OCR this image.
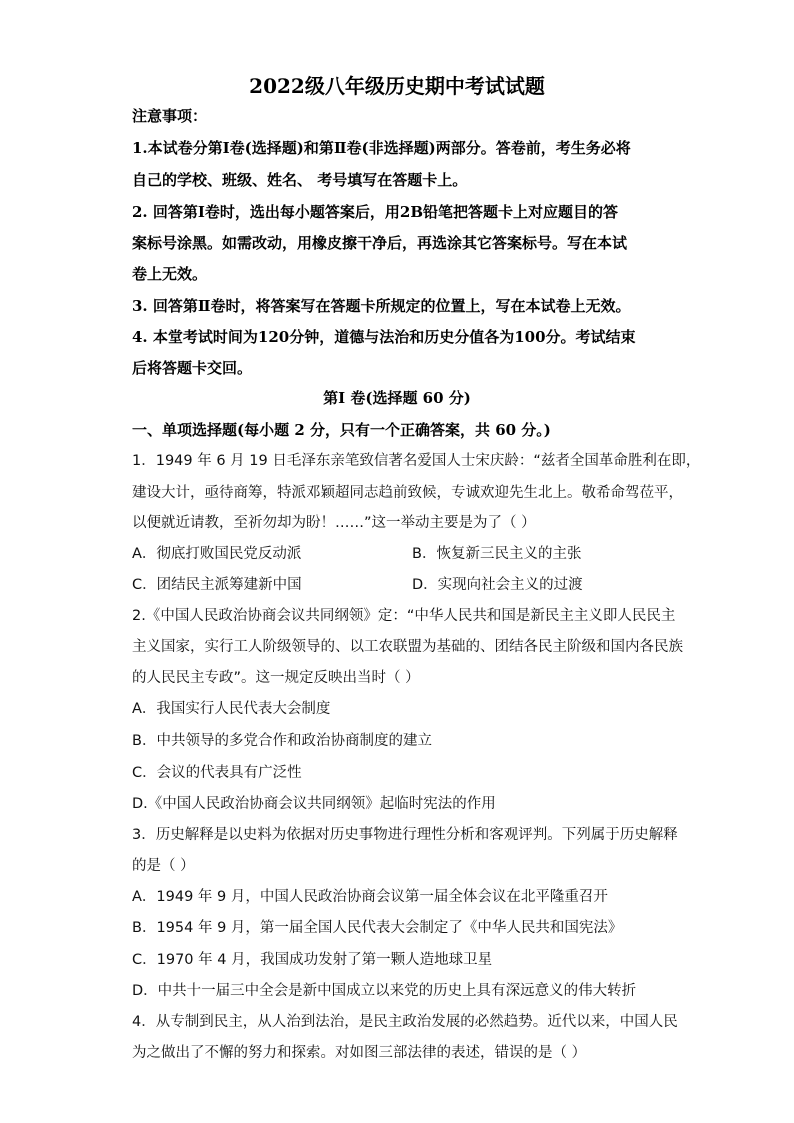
2022级八年级历史期中考试试题
注意事项：
1.本试卷分第Ⅰ卷(选择题)和第Ⅱ卷(非选择题)两部分。答卷前，考生务必将
自己的学校、班级、姓名、 考号填写在答题卡上。
2. 回答第Ⅰ卷时，选出每小题答案后，用2B铅笔把答题卡上对应题目的答
案标号涂黑。如需改动，用橡皮擦干净后，再选涂其它答案标号。写在本试
卷上无效。
3. 回答第Ⅱ卷时，将答案写在答题卡所规定的位置上，写在本试卷上无效。
4. 本堂考试时间为120分钟，道德与法治和历史分值各为100分。考试结束
后将答题卡交回。
第Ⅰ 卷(选择题 60 分)
一、单项选择题(每小题 2 分，只有一个正确答案，共 60 分。)
1．1949 年 6 月 19 日毛泽东亲笔致信著名爱国人士宋庆龄：“兹者全国革命胜利在即，
建设大计，亟待商筹，特派邓颖超同志趋前致候，专诚欢迎先生北上。敬希命驾莅平，
以便就近请教，至祈勿却为盼！……”这一举动主要是为了（ ）
A．彻底打败国民党反动派	B．恢复新三民主义的主张
C．团结民主派筹建新中国	D．实现向社会主义的过渡
2.《中国人民政治协商会议共同纲领》定：“中华人民共和国是新民主主义即人民民主
主义国家，实行工人阶级领导的、以工农联盟为基础的、团结各民主阶级和国内各民族
的人民民主专政”。这一规定反映出当时（ ）
A．我国实行人民代表大会制度
B．中共领导的多党合作和政治协商制度的建立
C．会议的代表具有广泛性
D.《中国人民政治协商会议共同纲领》起临时宪法的作用
3．历史解释是以史料为依据对历史事物进行理性分析和客观评判。下列属于历史解释
的是（ ）
A．1949 年 9 月，中国人民政治协商会议第一届全体会议在北平隆重召开
B．1954 年 9 月，第一届全国人民代表大会制定了《中华人民共和国宪法》
C．1970 年 4 月，我国成功发射了第一颗人造地球卫星
D．中共十一届三中全会是新中国成立以来党的历史上具有深远意义的伟大转折
4．从专制到民主，从人治到法治，是民主政治发展的必然趋势。近代以来，中国人民
为之做出了不懈的努力和探索。对如图三部法律的表述，错误的是（ ）
